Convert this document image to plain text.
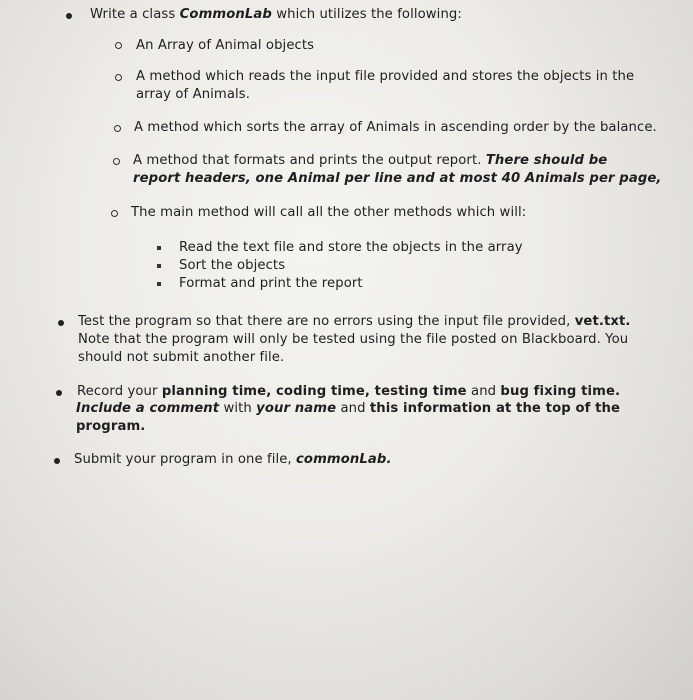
Write a class CommonLab which utilizes the following:
An Array of Animal objects
A method which reads the input file provided and stores the objects in the
array of Animals.
A method which sorts the array of Animals in ascending order by the balance.
A method that formats and prints the output report. There should be
report headers, one Animal per line and at most 40 Animals per page,
The main method will call all the other methods which will:
Read the text file and store the objects in the array
Sort the objects
Format and print the report
Test the program so that there are no errors using the input file provided, vet.txt.
Note that the program will only be tested using the file posted on Blackboard. You
should not submit another file.
Record your planning time, coding time, testing time and bug fixing time.
Include a comment with your name and this information at the top of the
program.
Submit your program in one file, commonLab.
